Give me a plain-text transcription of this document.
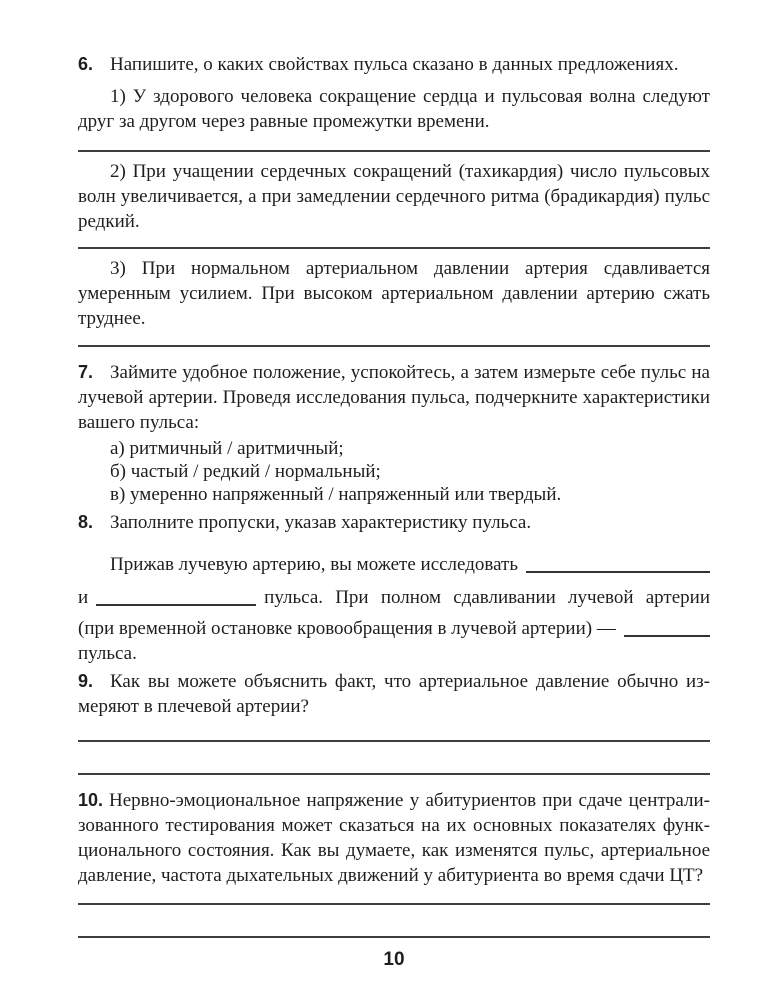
6. Напишите, о каких свойствах пульса сказано в данных предложениях.

1) У здорового человека сокращение сердца и пульсовая волна следуют друг за другом через равные промежутки времени.

2) При учащении сердечных сокращений (тахикардия) число пульсовых волн увеличивается, а при замедлении сердечного ритма (брадикардия) пульс редкий.

3) При нормальном артериальном давлении артерия сдавливается умеренным усилием. При высоком артериальном давлении артерию сжать труднее.

7. Займите удобное положение, успокойтесь, а затем измерьте себе пульс на лучевой артерии. Проведя исследования пульса, подчеркните характеристики вашего пульса:

а) ритмичный / аритмичный;
б) частый / редкий / нормальный;
в) умеренно напряженный / напряженный или твердый.

8. Заполните пропуски, указав характеристику пульса.

Прижав лучевую артерию, вы можете исследовать
и	пульса. При полном сдавливании лучевой артерии
(при временной остановке кровообращения в лучевой артерии) —

пульса.

9. Как вы можете объяснить факт, что артериальное давление обычно измеряют в плечевой артерии?

10. Нервно-эмоциональное напряжение у абитуриентов при сдаче централизованного тестирования может сказаться на их основных показателях функционального состояния. Как вы думаете, как изменятся пульс, артериальное давление, частота дыхательных движений у абитуриента во время сдачи ЦТ?

10
